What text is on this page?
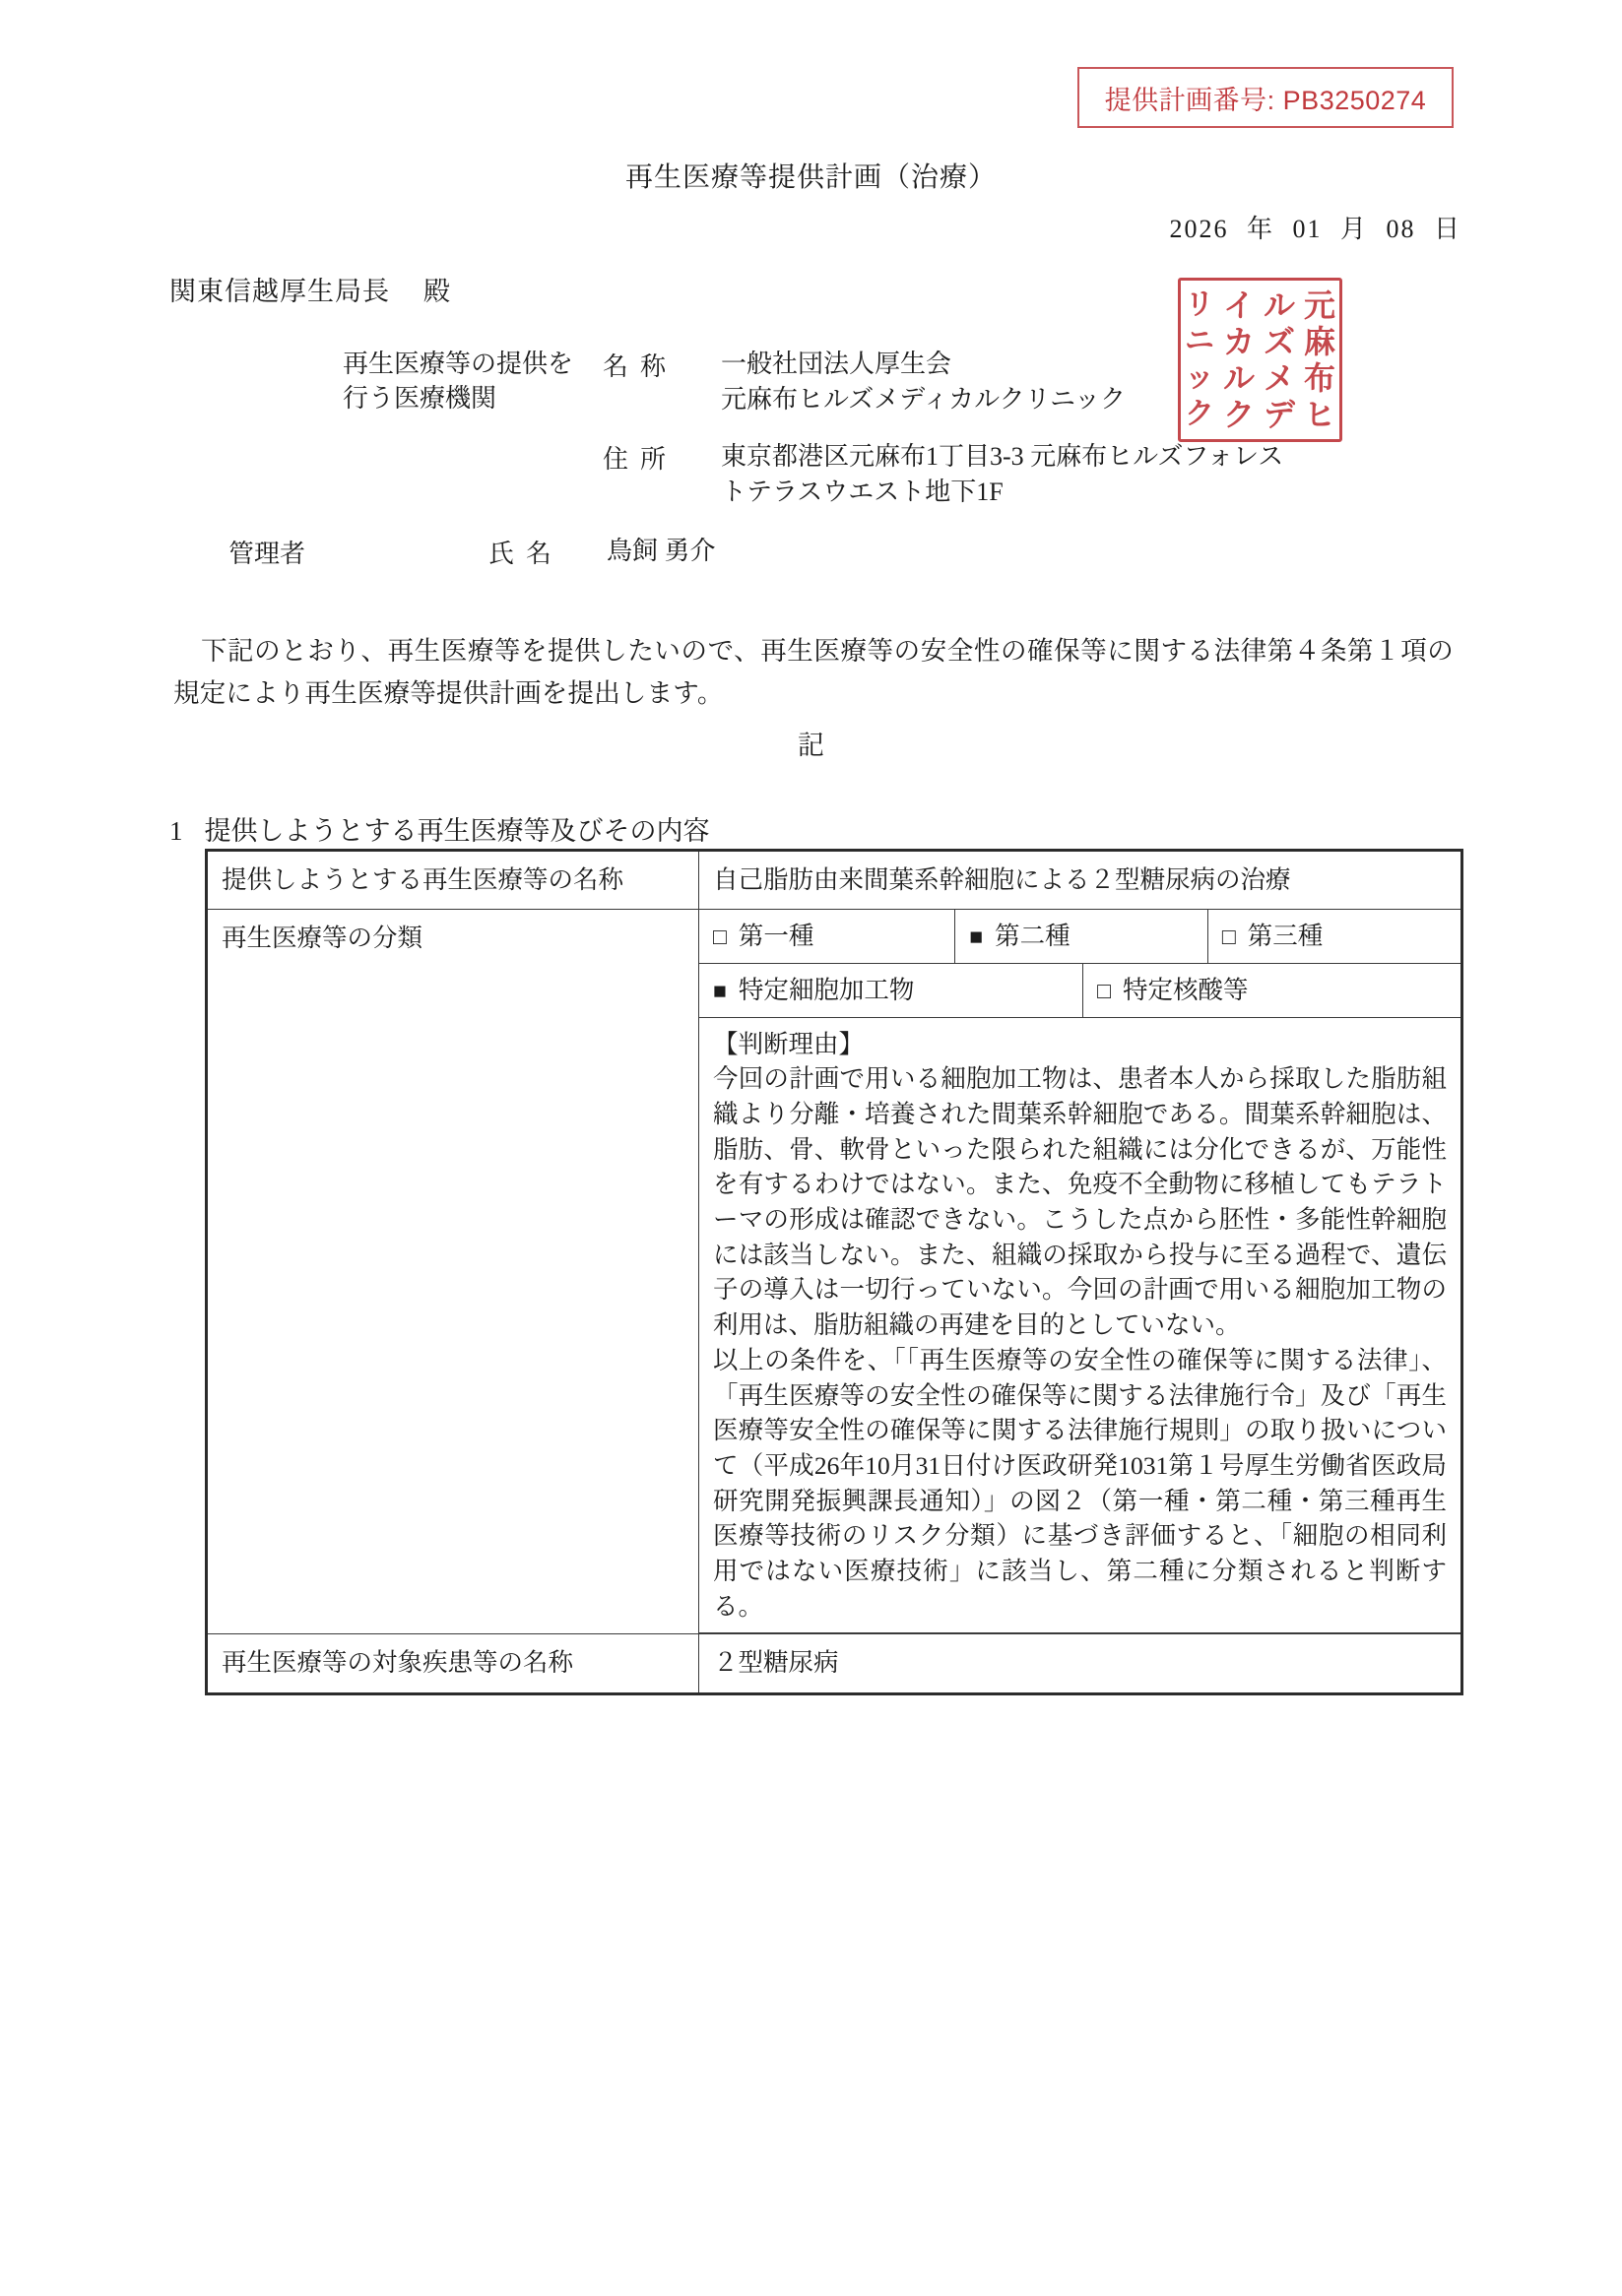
提供計画番号: PB3250274
再生医療等提供計画（治療）
2026 年 01 月 08 日
関東信越厚生局長 殿
再生医療等の提供を
行う医療機関
名称	一般社団法人厚生会
元麻布ヒルズメディカルクリニック
住所	東京都港区元麻布1丁目3-3 元麻布ヒルズフォレス
トテラスウエスト地下1F
管理者	氏名	鳥飼 勇介
元
麻
布
ヒ
ル
ズ
メ
デ
イ
カ
ル
ク
リ
ニ
ッ
ク
下記のとおり、再生医療等を提供したいので、再生医療等の安全性の確保等に関する法律第４条第１項の規定により再生医療等提供計画を提出します。
記
1 提供しようとする再生医療等及びその内容
提供しようとする再生医療等の名称	自己脂肪由来間葉系幹細胞による２型糖尿病の治療
再生医療等の分類		□ 第一種	■ 第二種	□ 第三種
■ 特定細胞加工物	□ 特定核酸等

【判断理由】

今回の計画で用いる細胞加工物は、患者本人から採取した脂肪組織より分離・培養された間葉系幹細胞である。間葉系幹細胞は、脂肪、骨、軟骨といった限られた組織には分化できるが、万能性を有するわけではない。また、免疫不全動物に移植してもテラトーマの形成は確認できない。こうした点から胚性・多能性幹細胞には該当しない。また、組織の採取から投与に至る過程で、遺伝子の導入は一切行っていない。今回の計画で用いる細胞加工物の利用は、脂肪組織の再建を目的としていない。

以上の条件を、「「再生医療等の安全性の確保等に関する法律」、「再生医療等の安全性の確保等に関する法律施行令」及び「再生医療等安全性の確保等に関する法律施行規則」の取り扱いについて（平成26年10月31日付け医政研発1031第１号厚生労働省医政局研究開発振興課長通知）」の図２（第一種・第二種・第三種再生医療等技術のリスク分類）に基づき評価すると、「細胞の相同利用ではない医療技術」に該当し、第二種に分類されると判断する。

再生医療等の対象疾患等の名称	２型糖尿病
